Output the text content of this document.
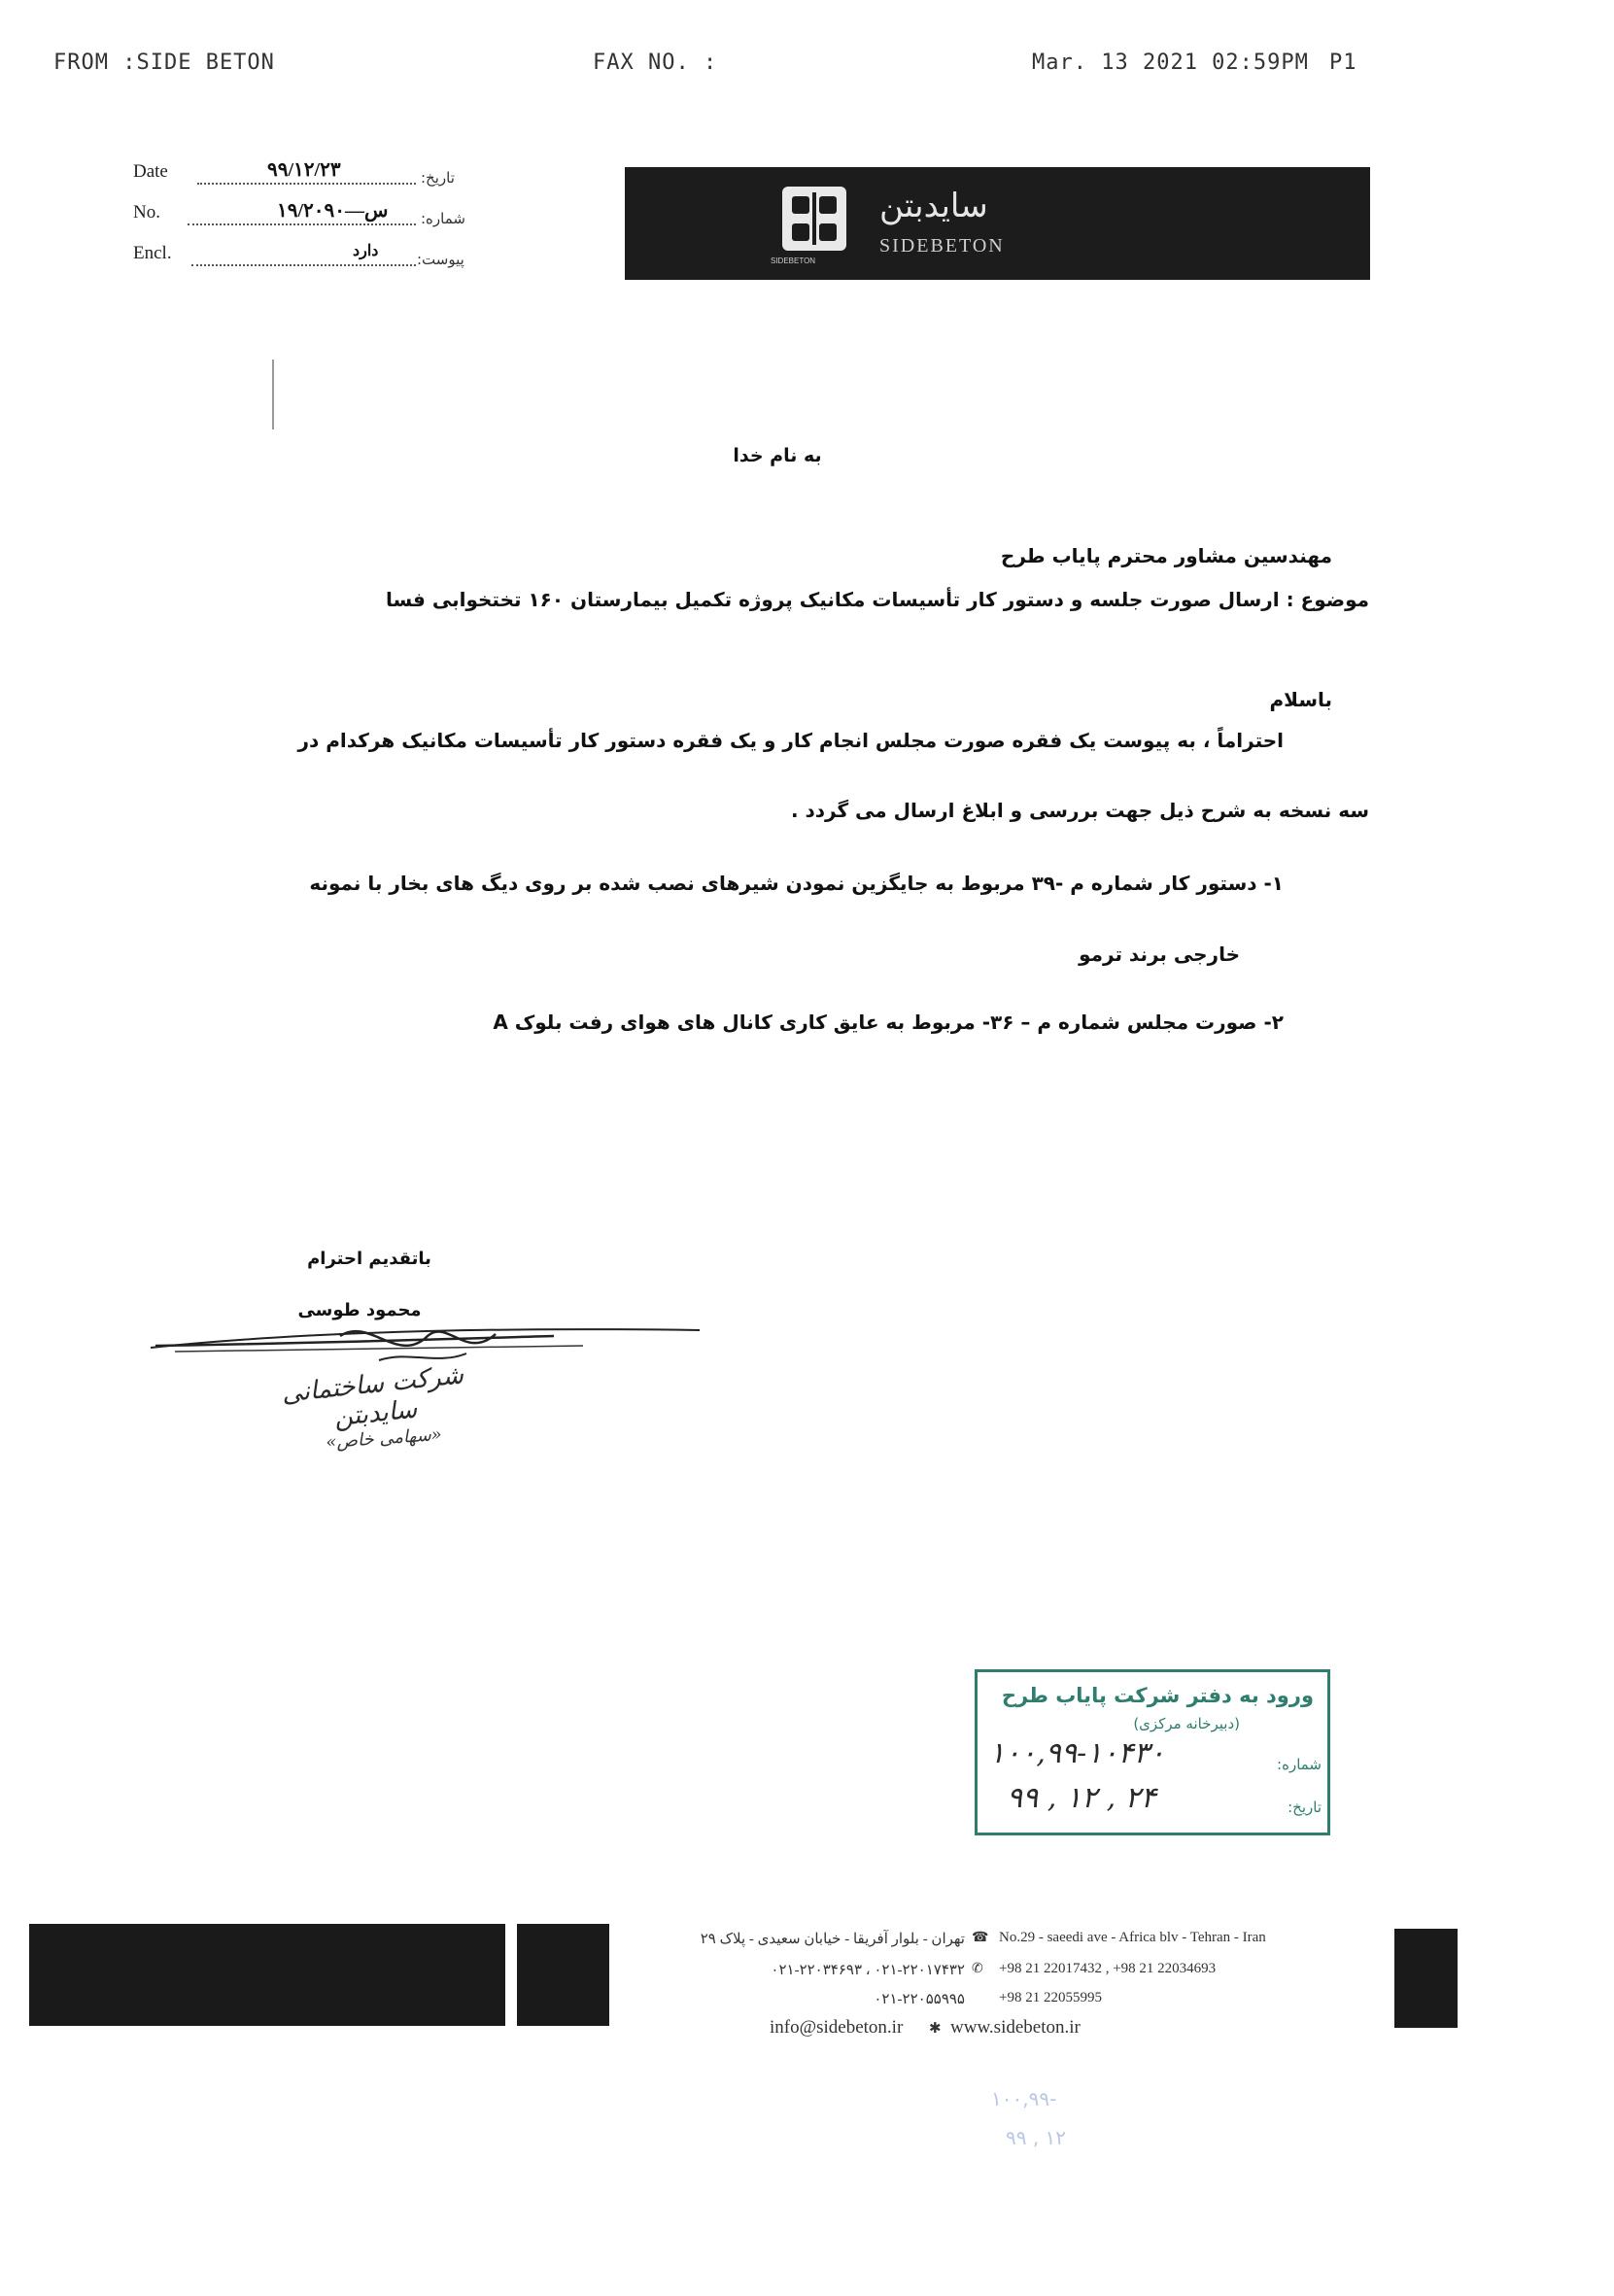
FROM :SIDE BETON	FAX NO. :	Mar. 13 2021 02:59PM P1
Date	۹۹/۱۲/۲۳	تاریخ:
No.	س—۱۹/۲۰۹۰ شماره:
Encl.	دارد	پیوست:	SIDEBETON
سایدبتن
SIDEBETON
به نام خدا
مهندسین مشاور محترم پایاب طرح
موضوع : ارسال صورت جلسه و دستور کار تأسیسات مکانیک پروژه تکمیل بیمارستان ۱۶۰ تختخوابی فسا
باسلام
احتراماً ، به پیوست یک فقره صورت مجلس انجام کار و یک فقره دستور کار تأسیسات مکانیک هرکدام در
سه نسخه به شرح ذیل جهت بررسی و ابلاغ ارسال می گردد .
۱- دستور کار شماره م -۳۹ مربوط به جایگزین نمودن شیرهای نصب شده بر روی دیگ های بخار با نمونه
خارجی برند ترمو
۲- صورت مجلس شماره م – ۳۶- مربوط به عایق کاری کانال های هوای رفت بلوک A
باتقدیم احترام
محمود طوسی
شرکت ساختمانی سایدبتن
«سهامی خاص»
ورود به دفتر شرکت پایاب طرح
(دبیرخانه مرکزی)
شماره:
۱۰۰,۹۹-۱۰۴۳۰
تاریخ:
۹۹ , ۱۲ , ۲۴
تهران - بلوار آفریقا - خیابان سعیدی - پلاک ۲۹ ☎ No.29 - saeedi ave - Africa blv - Tehran - Iran
۰۲۱-۲۲۰۱۷۴۳۲ ، ۰۲۱-۲۲۰۳۴۶۹۳ ✆ +98 21 22017432 , +98 21 22034693
۰۲۱-۲۲۰۵۵۹۹۵ +98 21 22055995
info@sidebeton.ir ✱ www.sidebeton.ir
۱۰۰,۹۹-
۹۹ , ۱۲
